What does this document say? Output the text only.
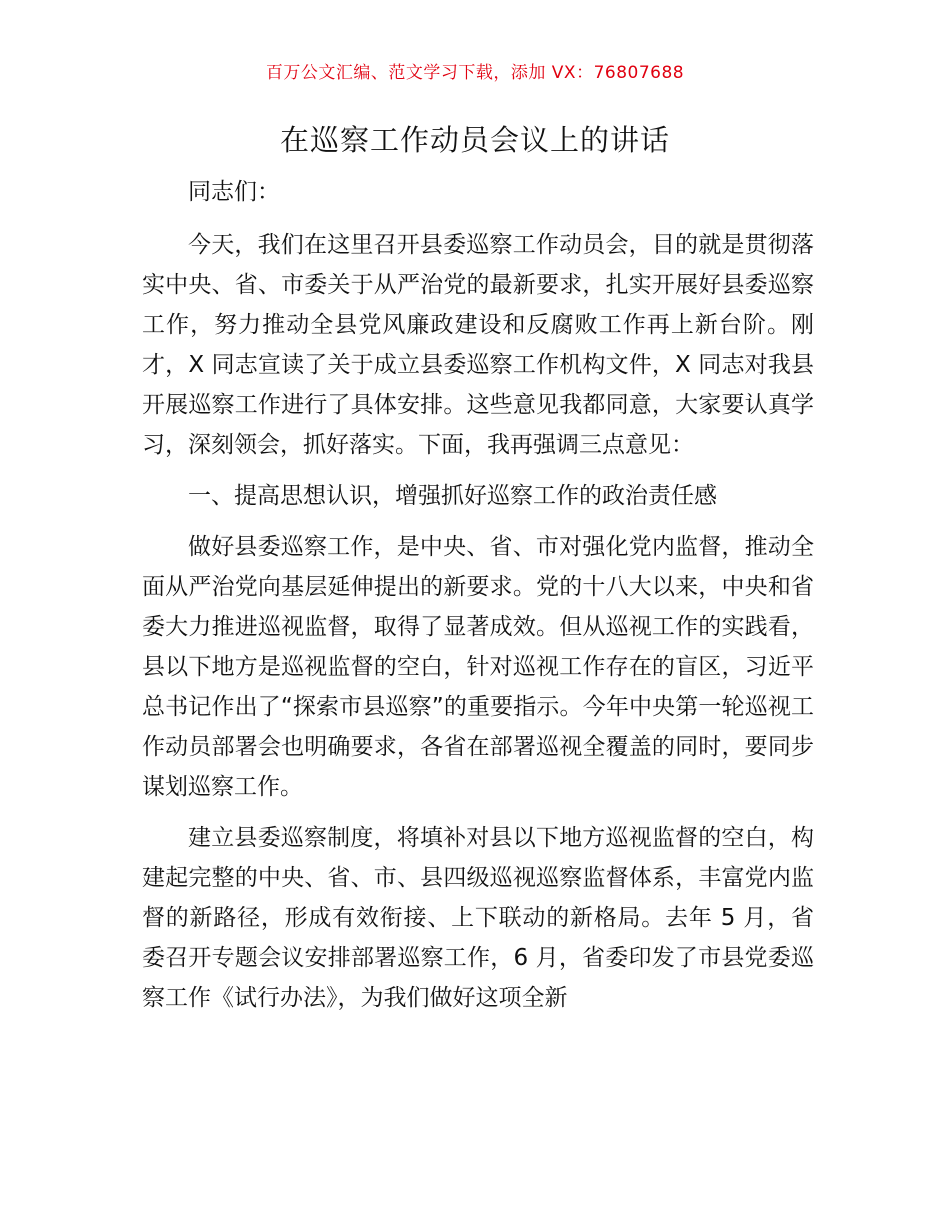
百万公文汇编、范文学习下载，添加 VX：76807688
在巡察工作动员会议上的讲话

同志们：

今天，我们在这里召开县委巡察工作动员会，目的就是贯彻落实中央、省、市委关于从严治党的最新要求，扎实开展好县委巡察工作，努力推动全县党风廉政建设和反腐败工作再上新台阶。刚才，X 同志宣读了关于成立县委巡察工作机构文件，X 同志对我县开展巡察工作进行了具体安排。这些意见我都同意，大家要认真学习，深刻领会，抓好落实。下面，我再强调三点意见：

一、提高思想认识，增强抓好巡察工作的政治责任感

做好县委巡察工作，是中央、省、市对强化党内监督，推动全面从严治党向基层延伸提出的新要求。党的十八大以来，中央和省委大力推进巡视监督，取得了显著成效。但从巡视工作的实践看，县以下地方是巡视监督的空白，针对巡视工作存在的盲区，习近平总书记作出了“探索市县巡察”的重要指示。今年中央第一轮巡视工作动员部署会也明确要求，各省在部署巡视全覆盖的同时，要同步谋划巡察工作。

建立县委巡察制度，将填补对县以下地方巡视监督的空白，构建起完整的中央、省、市、县四级巡视巡察监督体系，丰富党内监督的新路径，形成有效衔接、上下联动的新格局。去年 5 月，省委召开专题会议安排部署巡察工作，6 月，省委印发了市县党委巡察工作《试行办法》，为我们做好这项全新
